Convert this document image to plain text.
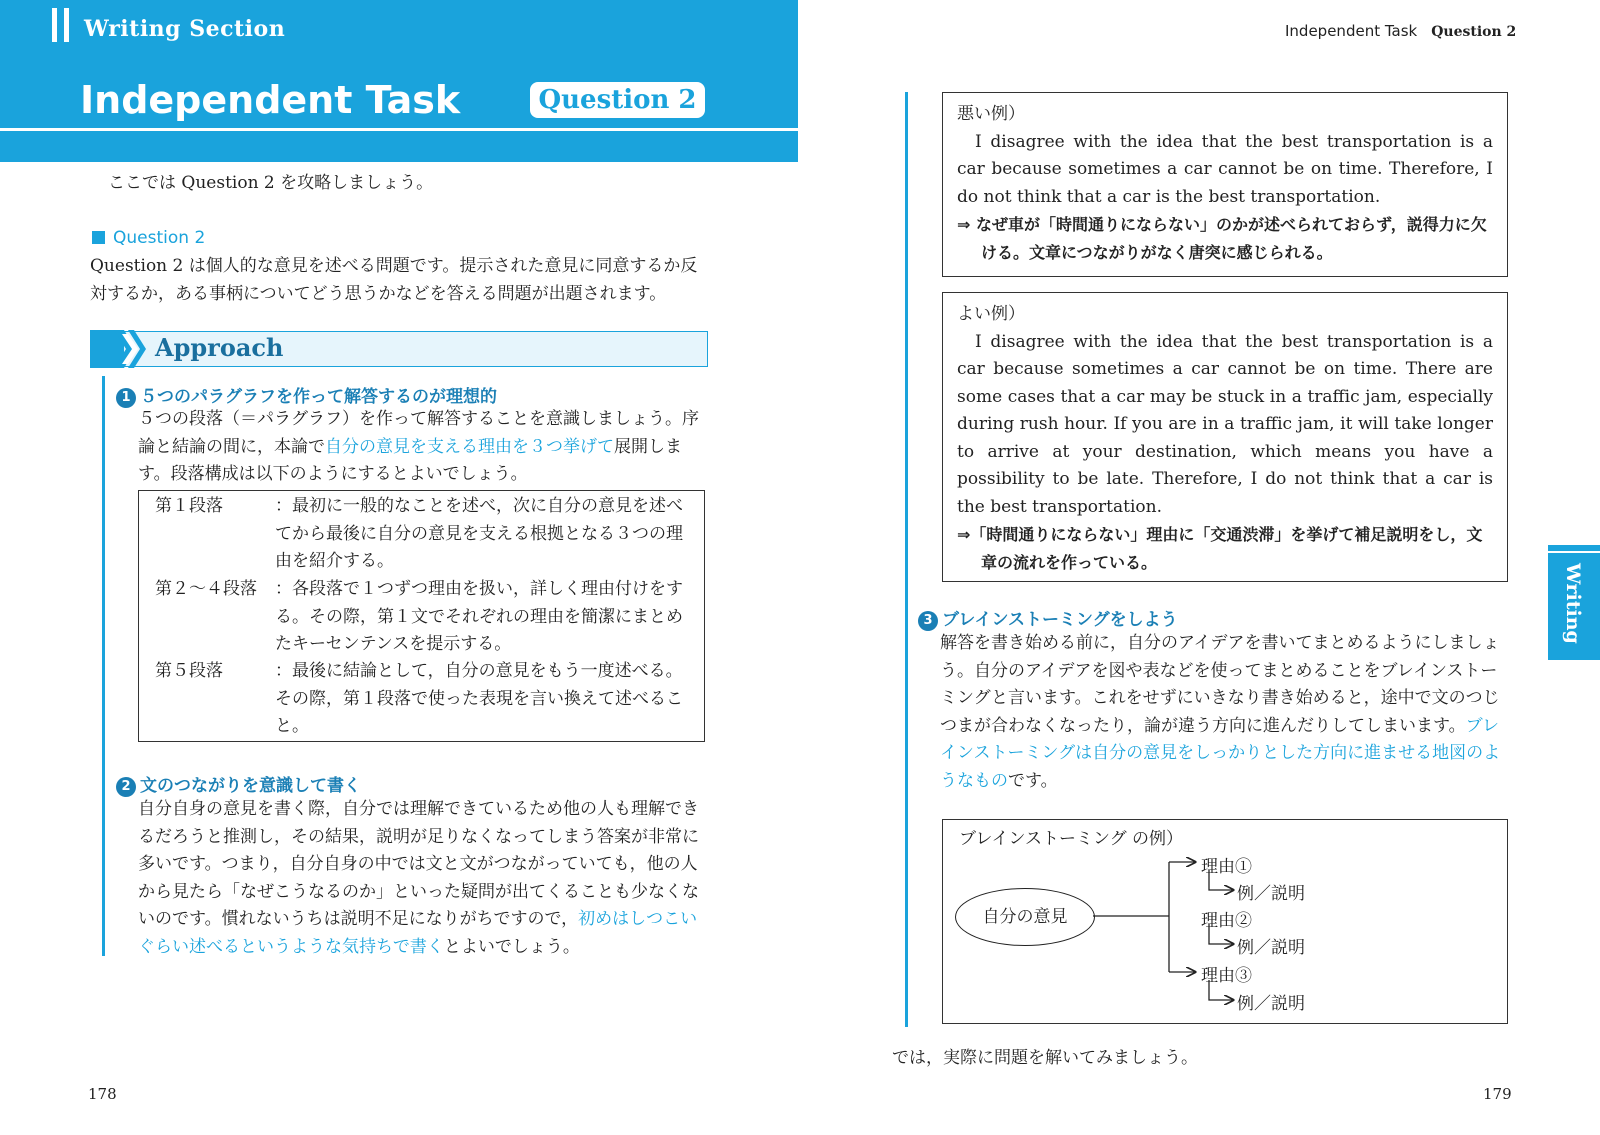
Writing Section
Independent Task	Question 2
ここでは Question 2 を攻略しましょう。
Question 2
Question 2 は個人的な意見を述べる問題です。提示された意見に同意するか反対するか，ある事柄についてどう思うかなどを答える問題が出題されます。
Approach
1 ５つのパラグラフを作って解答するのが理想的
５つの段落（＝パラグラフ）を作って解答することを意識しましょう。序論と結論の間に，本論で自分の意見を支える理由を３つ挙げて展開します。段落構成は以下のようにするとよいでしょう。
第１段落	：最初に一般的なことを述べ，次に自分の意見を述べてから最後に自分の意見を支える根拠となる３つの理由を紹介する。
第２～４段落 ：各段落で１つずつ理由を扱い，詳しく理由付けをする。その際，第１文でそれぞれの理由を簡潔にまとめたキーセンテンスを提示する。
第５段落	：最後に結論として，自分の意見をもう一度述べる。その際，第１段落で使った表現を言い換えて述べること。
2 文のつながりを意識して書く
自分自身の意見を書く際，自分では理解できているため他の人も理解できるだろうと推測し，その結果，説明が足りなくなってしまう答案が非常に多いです。つまり，自分自身の中では文と文がつながっていても，他の人から見たら「なぜこうなるのか」といった疑問が出てくることも少なくないのです。慣れないうちは説明不足になりがちですので，初めはしつこいぐらい述べるというような気持ちで書くとよいでしょう。
178
Independent Task Question 2
悪い例）
I disagree with the idea that the best transportation is a car because sometimes a car cannot be on time. Therefore, I do not think that a car is the best transportation.
⇒ なぜ車が「時間通りにならない」のかが述べられておらず，説得力に欠ける。文章につながりがなく唐突に感じられる。
よい例）
I disagree with the idea that the best transportation is a car because sometimes a car cannot be on time. There are some cases that a car may be stuck in a traffic jam, especially during rush hour. If you are in a traffic jam, it will take longer to arrive at your destination, which means you have a possibility to be late. Therefore, I do not think that a car is the best transportation.
⇒「時間通りにならない」理由に「交通渋滞」を挙げて補足説明をし，文章の流れを作っている。
3 ブレインストーミングをしよう
解答を書き始める前に，自分のアイデアを書いてまとめるようにしましょう。自分のアイデアを図や表などを使ってまとめることをブレインストーミングと言います。これをせずにいきなり書き始めると，途中で文のつじつまが合わなくなったり，論が違う方向に進んだりしてしまいます。ブレインストーミングは自分の意見をしっかりとした方向に進ませる地図のようなものです。
ブレインストーミング の例）
自分の意見
理由①
例／説明
理由②
例／説明
理由③
例／説明
では，実際に問題を解いてみましょう。
Writing
179
